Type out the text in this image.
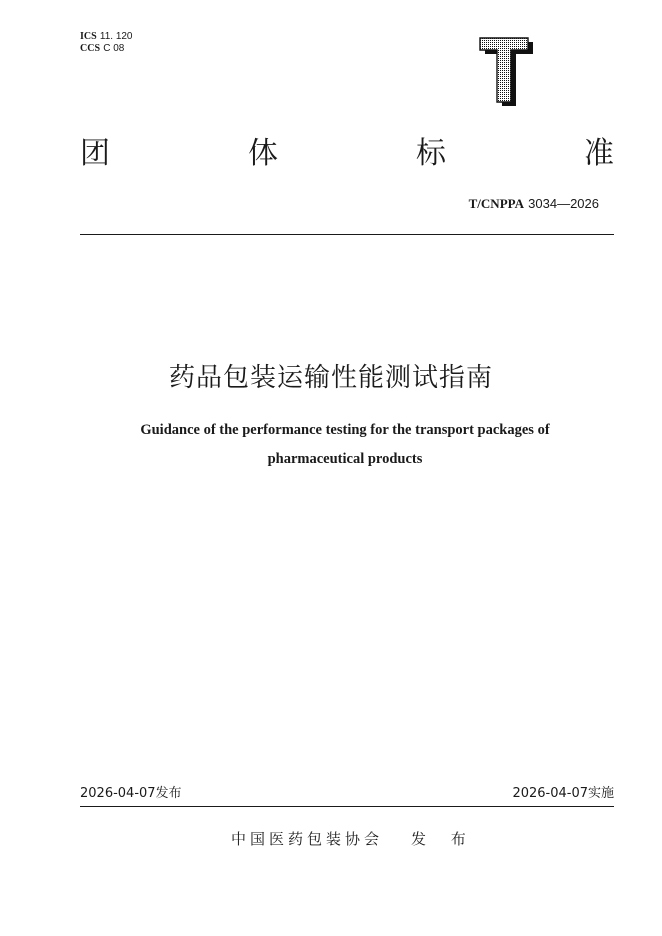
ICS 11. 120
CCS C 08
团	体	标	准
T/CNPPA 3034—2026
药品包装运输性能测试指南
Guidance of the performance testing for the transport packages of
pharmaceutical products
2026-04-07发布	2026-04-07实施
中国医药包装协会 发 布
